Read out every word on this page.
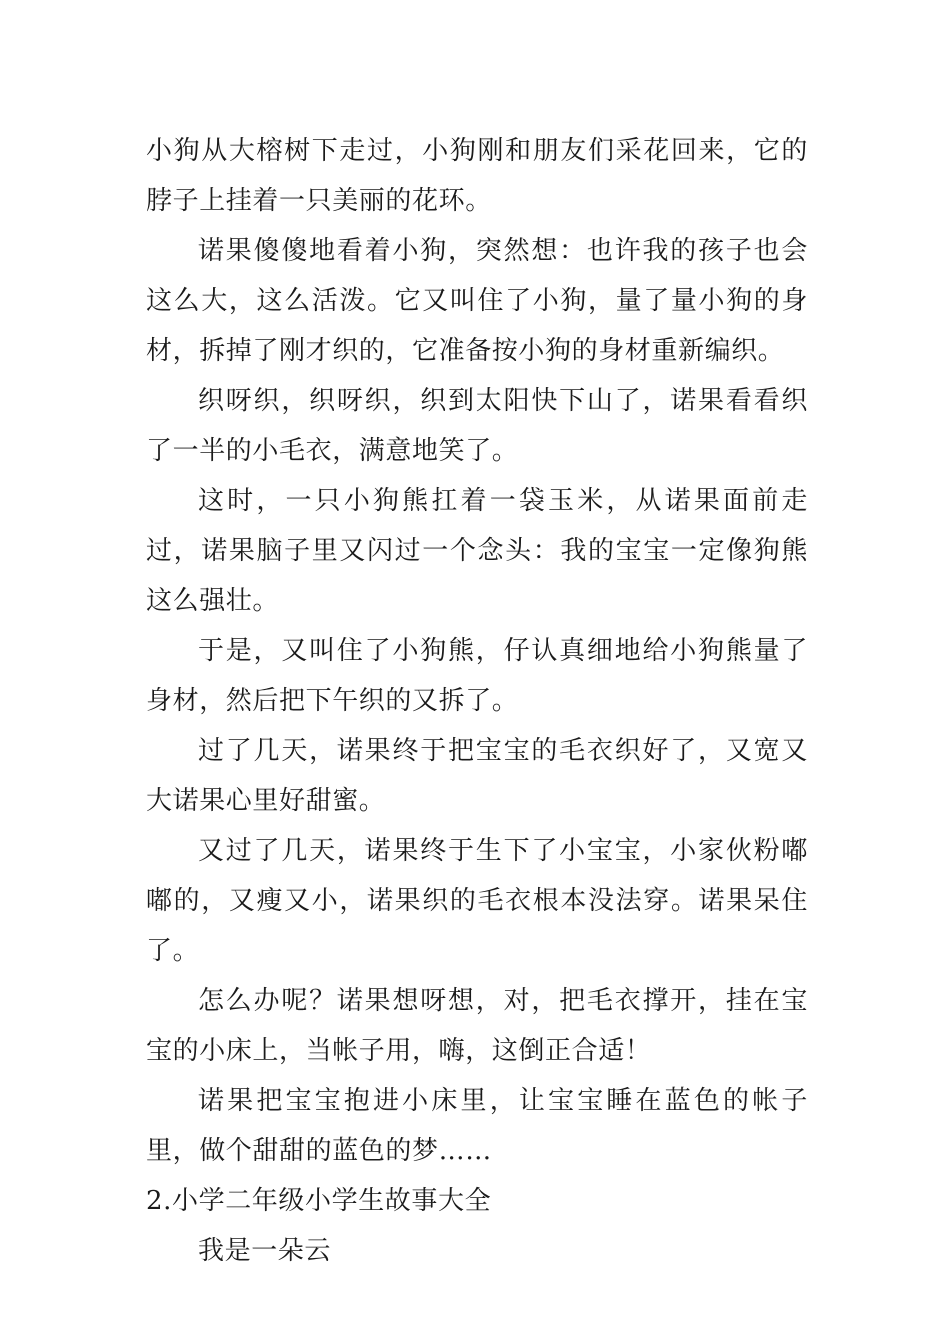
小狗从大榕树下走过，小狗刚和朋友们采花回来，它的脖子上挂着一只美丽的花环。

诺果傻傻地看着小狗，突然想：也许我的孩子也会这么大，这么活泼。它又叫住了小狗，量了量小狗的身材，拆掉了刚才织的，它准备按小狗的身材重新编织。

织呀织，织呀织，织到太阳快下山了，诺果看看织了一半的小毛衣，满意地笑了。

这时，一只小狗熊扛着一袋玉米，从诺果面前走过，诺果脑子里又闪过一个念头：我的宝宝一定像狗熊这么强壮。

于是，又叫住了小狗熊，仔认真细地给小狗熊量了身材，然后把下午织的又拆了。

过了几天，诺果终于把宝宝的毛衣织好了，又宽又大诺果心里好甜蜜。

又过了几天，诺果终于生下了小宝宝，小家伙粉嘟嘟的，又瘦又小，诺果织的毛衣根本没法穿。诺果呆住了。

怎么办呢？诺果想呀想，对，把毛衣撑开，挂在宝宝的小床上，当帐子用，嗨，这倒正合适！

诺果把宝宝抱进小床里，让宝宝睡在蓝色的帐子里，做个甜甜的蓝色的梦……

2.小学二年级小学生故事大全

我是一朵云
